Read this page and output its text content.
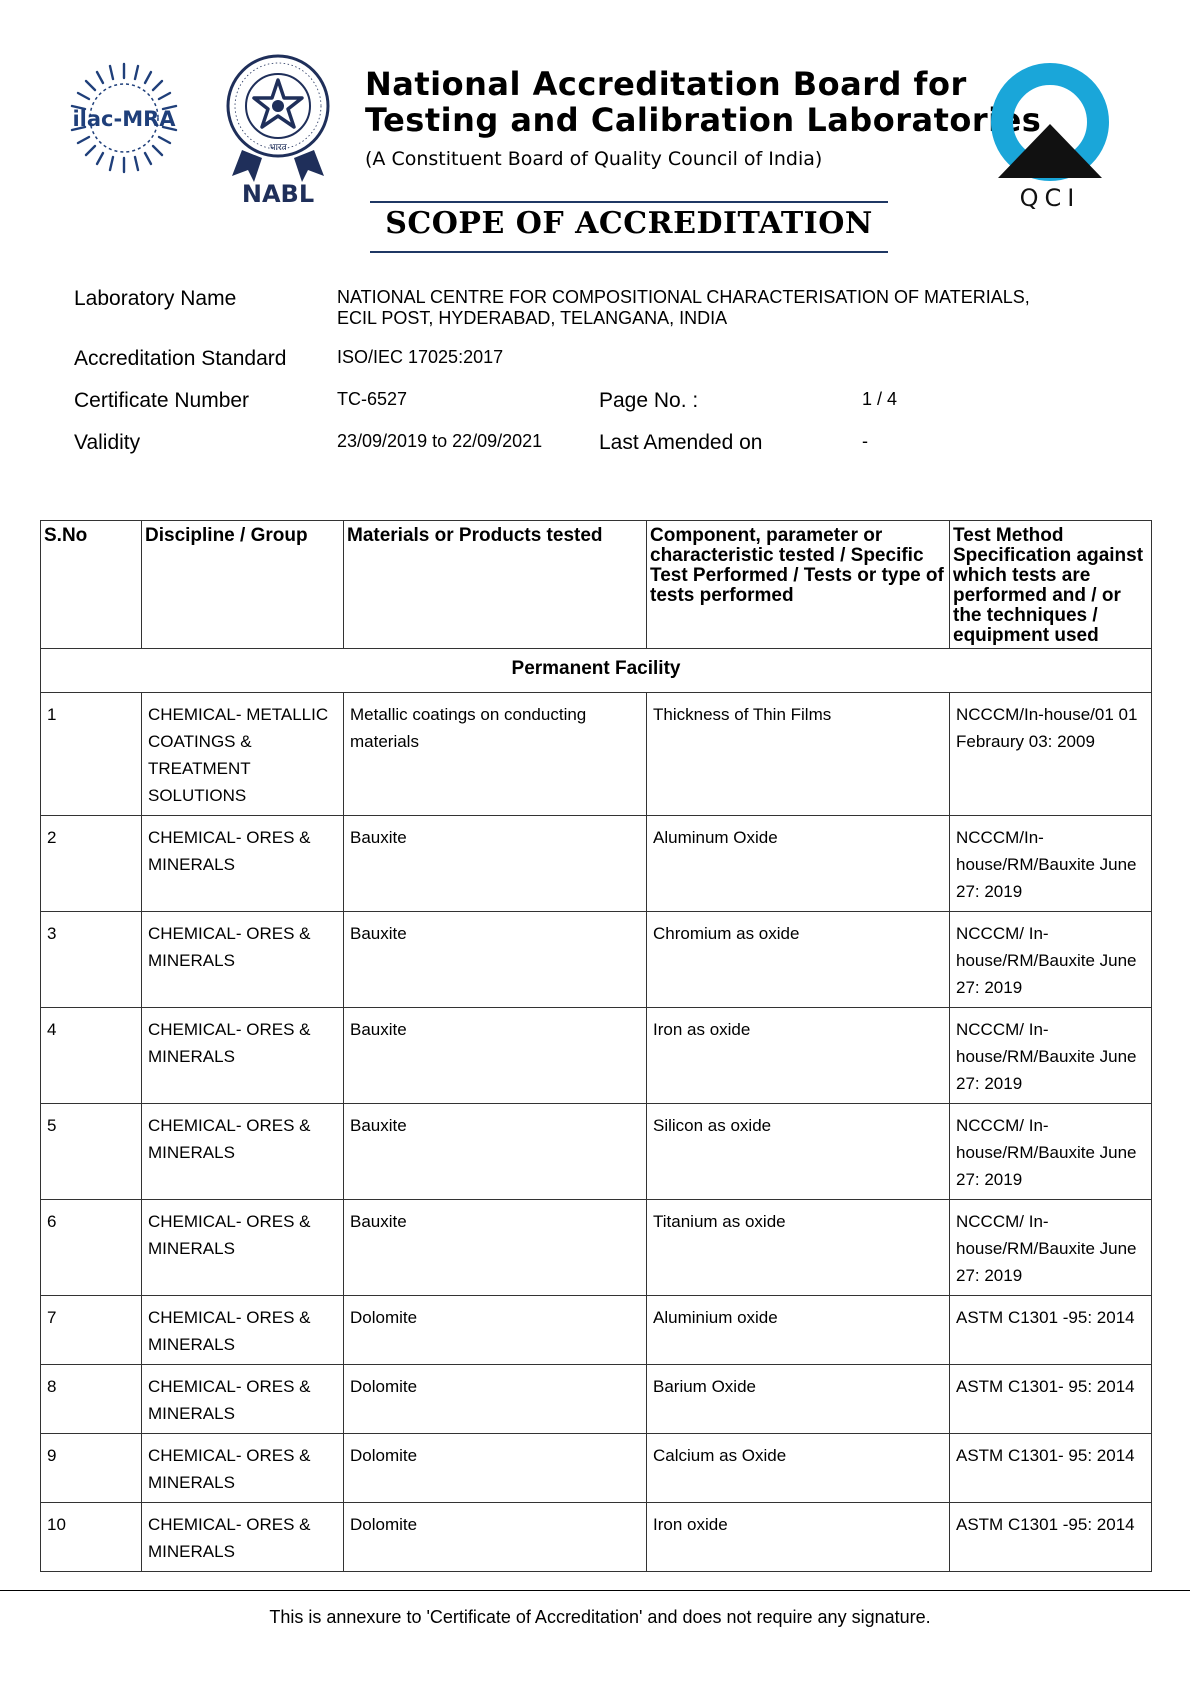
ilac-MRA
भारत
NABL
National Accreditation Board for
Testing and Calibration Laboratories
(A Constituent Board of Quality Council of India)
QCI
SCOPE OF ACCREDITATION
Laboratory Name	NATIONAL CENTRE FOR COMPOSITIONAL CHARACTERISATION OF MATERIALS,
ECIL POST, HYDERABAD, TELANGANA, INDIA
Accreditation Standard	ISO/IEC 17025:2017
Certificate Number	TC-6527	Page No. :	1 / 4
Validity	23/09/2019 to 22/09/2021	Last Amended on	-
S.No	Discipline / Group	Materials or Products tested	Component, parameter or characteristic tested / Specific Test Performed / Tests or type of tests performed	Test Method Specification against which tests are performed and / or the techniques / equipment used
Permanent Facility				
1	CHEMICAL- METALLIC COATINGS & TREATMENT SOLUTIONS	Metallic coatings on conducting materials	Thickness of Thin Films	NCCCM/In-house/01 01 Febraury 03: 2009
2	CHEMICAL- ORES & MINERALS	Bauxite	Aluminum Oxide	NCCCM/In-house/RM/Bauxite June 27: 2019
3	CHEMICAL- ORES & MINERALS	Bauxite	Chromium as oxide	NCCCM/ In-house/RM/Bauxite June 27: 2019
4	CHEMICAL- ORES & MINERALS	Bauxite	Iron as oxide	NCCCM/ In-house/RM/Bauxite June 27: 2019
5	CHEMICAL- ORES & MINERALS	Bauxite	Silicon as oxide	NCCCM/ In-house/RM/Bauxite June 27: 2019
6	CHEMICAL- ORES & MINERALS	Bauxite	Titanium as oxide	NCCCM/ In-house/RM/Bauxite June 27: 2019
7	CHEMICAL- ORES & MINERALS	Dolomite	Aluminium oxide	ASTM C1301 -95: 2014
8	CHEMICAL- ORES & MINERALS	Dolomite	Barium Oxide	ASTM C1301- 95: 2014
9	CHEMICAL- ORES & MINERALS	Dolomite	Calcium as Oxide	ASTM C1301- 95: 2014
10	CHEMICAL- ORES & MINERALS	Dolomite	Iron oxide	ASTM C1301 -95: 2014
This is annexure to 'Certificate of Accreditation' and does not require any signature.
